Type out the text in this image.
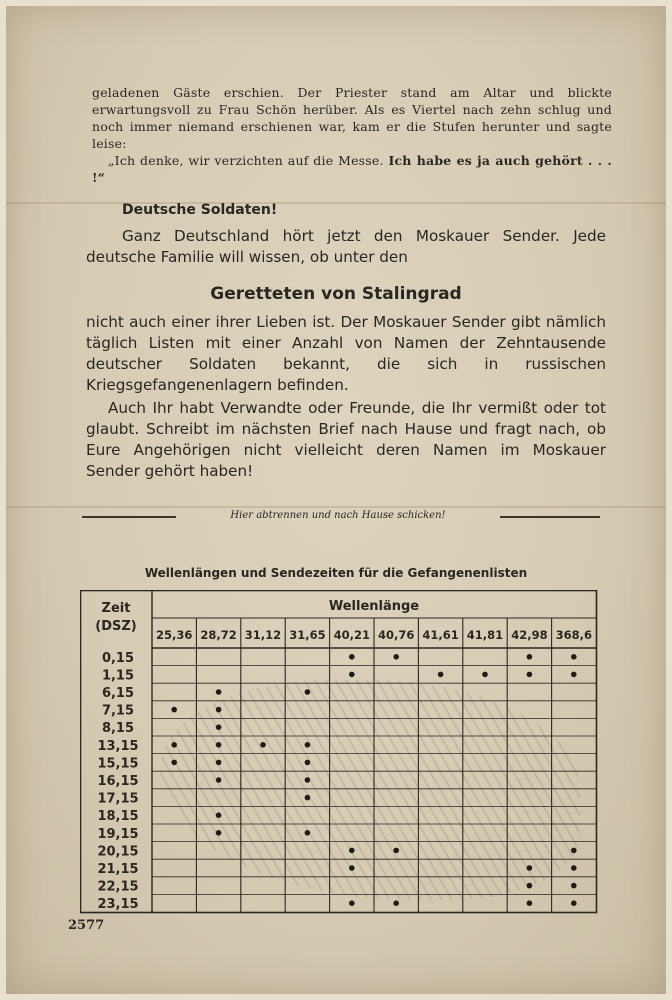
geladenen Gäste erschien. Der Priester stand am Altar und blickte erwartungsvoll zu Frau Schön herüber. Als es Viertel nach zehn schlug und noch immer niemand erschienen war, kam er die Stufen herunter und sagte leise:

„Ich denke, wir verzichten auf die Messe. Ich habe es ja auch gehört . . . !“

Deutsche Soldaten!

Ganz Deutschland hört jetzt den Moskauer Sender. Jede deutsche Familie will wissen, ob unter den

Geretteten von Stalingrad

nicht auch einer ihrer Lieben ist. Der Moskauer Sender gibt nämlich täglich Listen mit einer Anzahl von Namen der Zehntausende deutscher Soldaten bekannt, die sich in russischen Kriegsgefangenenlagern befinden.

Auch Ihr habt Verwandte oder Freunde, die Ihr vermißt oder tot glaubt. Schreibt im nächsten Brief nach Hause und fragt nach, ob Eure Angehörigen nicht vielleicht deren Namen im Moskauer Sender gehört haben!

Hier abtrennen und nach Hause schicken!
Wellenlängen und Sendezeiten für die Gefangenenlisten
Zeit
(DSZ)
Wellenlänge
25,36 28,72 31,12 31,65 40,21 40,76 41,61 41,81 42,98 368,6
0,15
1,15
6,15
7,15
8,15
13,15
15,15
16,15
17,15
18,15
19,15
20,15
21,15
22,15
23,15
2577
